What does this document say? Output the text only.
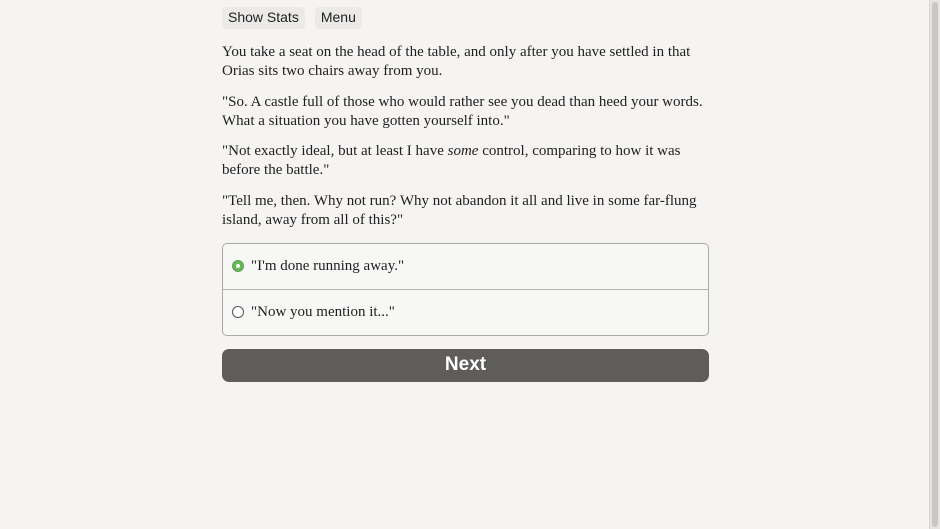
Show Stats	Menu

You take a seat on the head of the table, and only after you have settled in that Orias sits two chairs away from you.

"So. A castle full of those who would rather see you dead than heed your words. What a situation you have gotten yourself into."

"Not exactly ideal, but at least I have some control, comparing to how it was before the battle."

"Tell me, then. Why not run? Why not abandon it all and live in some far-flung island, away from all of this?"

"I'm done running away."
"Now you mention it..."
Next
